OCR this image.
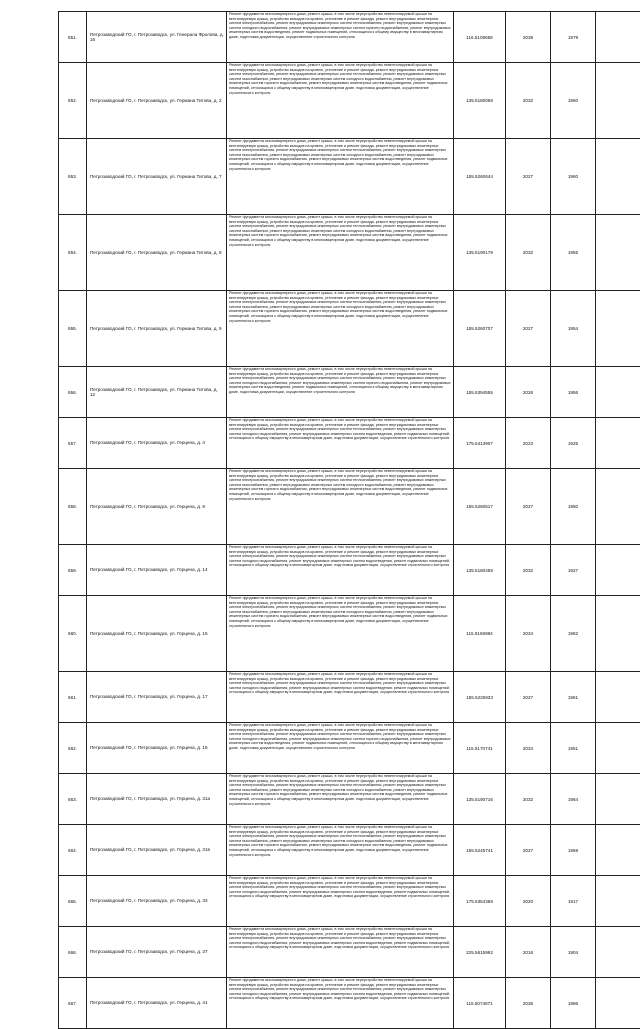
651.	Петрозаводский ГО, г. Петрозаводск, ул. Генерала Фролова, д. 16	Ремонт фундамента многоквартирного дома, ремонт крыши, в том числе переустройство невентилируемой крыши на вентилируемую крышу, устройство выходов на кровлю, утепление и ремонт фасада, ремонт внутридомовых инженерных систем электроснабжения, ремонт внутридомовых инженерных систем теплоснабжения, ремонт внутридомовых инженерных систем холодного водоснабжения, ремонт внутридомовых инженерных систем горячего водоснабжения, ремонт внутридомовых инженерных систем водоотведения, ремонт подвальных помещений, относящихся к общему имуществу в многоквартирном доме, подготовка документации, осуществление строительного контроля	116.5108658	2038	1979	
652.	Петрозаводский ГО, г. Петрозаводск, ул. Германа Титова, д. 2	Ремонт фундамента многоквартирного дома, ремонт крыши, в том числе переустройство невентилируемой крыши на вентилируемую крышу, устройство выходов на кровлю, утепление и ремонт фасада, ремонт внутридомовых инженерных систем электроснабжения, ремонт внутридомовых инженерных систем теплоснабжения, ремонт внутридомовых инженерных систем газоснабжения, ремонт внутридомовых инженерных систем холодного водоснабжения, ремонт внутридомовых инженерных систем горячего водоснабжения, ремонт внутридомовых инженерных систем водоотведения, ремонт подвальных помещений, относящихся к общему имуществу в многоквартирном доме, подготовка документации, осуществление строительного контроля	135.5180068	2032	1960	
653.	Петрозаводский ГО, г. Петрозаводск, ул. Германа Титова, д. 7	Ремонт фундамента многоквартирного дома, ремонт крыши, в том числе переустройство невентилируемой крыши на вентилируемую крышу, устройство выходов на кровлю, утепление и ремонт фасада, ремонт внутридомовых инженерных систем электроснабжения, ремонт внутридомовых инженерных систем теплоснабжения, ремонт внутридомовых инженерных систем газоснабжения, ремонт внутридомовых инженерных систем холодного водоснабжения, ремонт внутридомовых инженерных систем горячего водоснабжения, ремонт внутридомовых инженерных систем водоотведения, ремонт подвальных помещений, относящихся к общему имуществу в многоквартирном доме, подготовка документации, осуществление строительного контроля	155.5260644	2027	1960	
654.	Петрозаводский ГО, г. Петрозаводск, ул. Германа Титова, д. 8	Ремонт фундамента многоквартирного дома, ремонт крыши, в том числе переустройство невентилируемой крыши на вентилируемую крышу, устройство выходов на кровлю, утепление и ремонт фасада, ремонт внутридомовых инженерных систем электроснабжения, ремонт внутридомовых инженерных систем теплоснабжения, ремонт внутридомовых инженерных систем газоснабжения, ремонт внутридомовых инженерных систем холодного водоснабжения, ремонт внутридомовых инженерных систем горячего водоснабжения, ремонт внутридомовых инженерных систем водоотведения, ремонт подвальных помещений, относящихся к общему имуществу в многоквартирном доме, подготовка документации, осуществление строительного контроля	135.5190179	2032	1955	
655.	Петрозаводский ГО, г. Петрозаводск, ул. Германа Титова, д. 9	Ремонт фундамента многоквартирного дома, ремонт крыши, в том числе переустройство невентилируемой крыши на вентилируемую крышу, устройство выходов на кровлю, утепление и ремонт фасада, ремонт внутридомовых инженерных систем электроснабжения, ремонт внутридомовых инженерных систем теплоснабжения, ремонт внутридомовых инженерных систем газоснабжения, ремонт внутридомовых инженерных систем холодного водоснабжения, ремонт внутридомовых инженерных систем горячего водоснабжения, ремонт внутридомовых инженерных систем водоотведения, ремонт подвальных помещений, относящихся к общему имуществу в многоквартирном доме, подготовка документации, осуществление строительного контроля	155.5260707	2027	1954	
656.	Петрозаводский ГО, г. Петрозаводск, ул. Германа Титова, д. 12	Ремонт фундамента многоквартирного дома, ремонт крыши, в том числе переустройство невентилируемой крыши на вентилируемую крышу, устройство выходов на кровлю, утепление и ремонт фасада, ремонт внутридомовых инженерных систем электроснабжения, ремонт внутридомовых инженерных систем теплоснабжения, ремонт внутридомовых инженерных систем холодного водоснабжения, ремонт внутридомовых инженерных систем горячего водоснабжения, ремонт внутридомовых инженерных систем водоотведения, ремонт подвальных помещений, относящихся к общему имуществу в многоквартирном доме, подготовка документации, осуществление строительного контроля	155.5394555	2026	1956	
657.	Петрозаводский ГО, г. Петрозаводск, ул. Герцена, д. 4	Ремонт фундамента многоквартирного дома, ремонт крыши, в том числе переустройство невентилируемой крыши на вентилируемую крышу, устройство выходов на кровлю, утепление и ремонт фасада, ремонт внутридомовых инженерных систем электроснабжения, ремонт внутридомовых инженерных систем теплоснабжения, ремонт внутридомовых инженерных систем холодного водоснабжения, ремонт внутридомовых инженерных систем водоотведения, ремонт подвальных помещений, относящихся к общему имуществу в многоквартирном доме, подготовка документации, осуществление строительного контроля	175.5413907	2023	1925	
658.	Петрозаводский ГО, г. Петрозаводск, ул. Герцена, д. 9	Ремонт фундамента многоквартирного дома, ремонт крыши, в том числе переустройство невентилируемой крыши на вентилируемую крышу, устройство выходов на кровлю, утепление и ремонт фасада, ремонт внутридомовых инженерных систем электроснабжения, ремонт внутридомовых инженерных систем теплоснабжения, ремонт внутридомовых инженерных систем газоснабжения, ремонт внутридомовых инженерных систем холодного водоснабжения, ремонт внутридомовых инженерных систем горячего водоснабжения, ремонт внутридомовых инженерных систем водоотведения, ремонт подвальных помещений, относящихся к общему имуществу в многоквартирном доме, подготовка документации, осуществление строительного контроля	155.5260517	2027	1950	
659.	Петрозаводский ГО, г. Петрозаводск, ул. Герцена, д. 14	Ремонт фундамента многоквартирного дома, ремонт крыши, в том числе переустройство невентилируемой крыши на вентилируемую крышу, устройство выходов на кровлю, утепление и ремонт фасада, ремонт внутридомовых инженерных систем электроснабжения, ремонт внутридомовых инженерных систем теплоснабжения, ремонт внутридомовых инженерных систем холодного водоснабжения, ремонт внутридомовых инженерных систем водоотведения, ремонт подвальных помещений, относящихся к общему имуществу в многоквартирном доме, подготовка документации, осуществление строительного контроля	135.5180459	2032	1927	
660.	Петрозаводский ГО, г. Петрозаводск, ул. Герцена, д. 15	Ремонт фундамента многоквартирного дома, ремонт крыши, в том числе переустройство невентилируемой крыши на вентилируемую крышу, устройство выходов на кровлю, утепление и ремонт фасада, ремонт внутридомовых инженерных систем электроснабжения, ремонт внутридомовых инженерных систем теплоснабжения, ремонт внутридомовых инженерных систем газоснабжения, ремонт внутридомовых инженерных систем холодного водоснабжения, ремонт внутридомовых инженерных систем горячего водоснабжения, ремонт внутридомовых инженерных систем водоотведения, ремонт подвальных помещений, относящихся к общему имуществу в многоквартирном доме, подготовка документации, осуществление строительного контроля	115.5166984	2034	1962	
661.	Петрозаводский ГО, г. Петрозаводск, ул. Герцена, д. 17	Ремонт фундамента многоквартирного дома, ремонт крыши, в том числе переустройство невентилируемой крыши на вентилируемую крышу, устройство выходов на кровлю, утепление и ремонт фасада, ремонт внутридомовых инженерных систем электроснабжения, ремонт внутридомовых инженерных систем теплоснабжения, ремонт внутридомовых инженерных систем холодного водоснабжения, ремонт внутридомовых инженерных систем водоотведения, ремонт подвальных помещений, относящихся к общему имуществу в многоквартирном доме, подготовка документации, осуществление строительного контроля	155.5226933	2027	1961	
662.	Петрозаводский ГО, г. Петрозаводск, ул. Герцена, д. 18	Ремонт фундамента многоквартирного дома, ремонт крыши, в том числе переустройство невентилируемой крыши на вентилируемую крышу, устройство выходов на кровлю, утепление и ремонт фасада, ремонт внутридомовых инженерных систем электроснабжения, ремонт внутридомовых инженерных систем теплоснабжения, ремонт внутридомовых инженерных систем холодного водоснабжения, ремонт внутридомовых инженерных систем горячего водоснабжения, ремонт внутридомовых инженерных систем водоотведения, ремонт подвальных помещений, относящихся к общему имуществу в многоквартирном доме, подготовка документации, осуществление строительного контроля	115.5170741	2034	1951	
663.	Петрозаводский ГО, г. Петрозаводск, ул. Герцена, д. 31а	Ремонт фундамента многоквартирного дома, ремонт крыши, в том числе переустройство невентилируемой крыши на вентилируемую крышу, устройство выходов на кровлю, утепление и ремонт фасада, ремонт внутридомовых инженерных систем электроснабжения, ремонт внутридомовых инженерных систем теплоснабжения, ремонт внутридомовых инженерных систем газоснабжения, ремонт внутридомовых инженерных систем холодного водоснабжения, ремонт внутридомовых инженерных систем горячего водоснабжения, ремонт внутридомовых инженерных систем водоотведения, ремонт подвальных помещений, относящихся к общему имуществу в многоквартирном доме, подготовка документации, осуществление строительного контроля	135.5190716	2032	1964	
664.	Петрозаводский ГО, г. Петрозаводск, ул. Герцена, д. 31в	Ремонт фундамента многоквартирного дома, ремонт крыши, в том числе переустройство невентилируемой крыши на вентилируемую крышу, устройство выходов на кровлю, утепление и ремонт фасада, ремонт внутридомовых инженерных систем электроснабжения, ремонт внутридомовых инженерных систем теплоснабжения, ремонт внутридомовых инженерных систем газоснабжения, ремонт внутридомовых инженерных систем холодного водоснабжения, ремонт внутридомовых инженерных систем горячего водоснабжения, ремонт внутридомовых инженерных систем водоотведения, ремонт подвальных помещений, относящихся к общему имуществу в многоквартирном доме, подготовка документации, осуществление строительного контроля	155.5245741	2027	1969	
665.	Петрозаводский ГО, г. Петрозаводск, ул. Герцена, д. 33	Ремонт фундамента многоквартирного дома, ремонт крыши, в том числе переустройство невентилируемой крыши на вентилируемую крышу, устройство выходов на кровлю, утепление и ремонт фасада, ремонт внутридомовых инженерных систем электроснабжения, ремонт внутридомовых инженерных систем теплоснабжения, ремонт внутридомовых инженерных систем холодного водоснабжения, ремонт внутридомовых инженерных систем водоотведения, ремонт подвальных помещений, относящихся к общему имуществу в многоквартирном доме, подготовка документации, осуществление строительного контроля	175.5354369	2020	1917	
666.	Петрозаводский ГО, г. Петрозаводск, ул. Герцена, д. 37	Ремонт фундамента многоквартирного дома, ремонт крыши, в том числе переустройство невентилируемой крыши на вентилируемую крышу, устройство выходов на кровлю, утепление и ремонт фасада, ремонт внутридомовых инженерных систем электроснабжения, ремонт внутридомовых инженерных систем теплоснабжения, ремонт внутридомовых инженерных систем холодного водоснабжения, ремонт внутридомовых инженерных систем водоотведения, ремонт подвальных помещений, относящихся к общему имуществу в многоквартирном доме, подготовка документации, осуществление строительного контроля	225.5615992	2016	1904	
667.	Петрозаводский ГО, г. Петрозаводск, ул. Герцена, д. 41	Ремонт фундамента многоквартирного дома, ремонт крыши, в том числе переустройство невентилируемой крыши на вентилируемую крышу, устройство выходов на кровлю, утепление и ремонт фасада, ремонт внутридомовых инженерных систем электроснабжения, ремонт внутридомовых инженерных систем теплоснабжения, ремонт внутридомовых инженерных систем холодного водоснабжения, ремонт внутридомовых инженерных систем водоотведения, ремонт подвальных помещений, относящихся к общему имуществу в многоквартирном доме, подготовка документации, осуществление строительного контроля	115.5074671	2036	1986	
